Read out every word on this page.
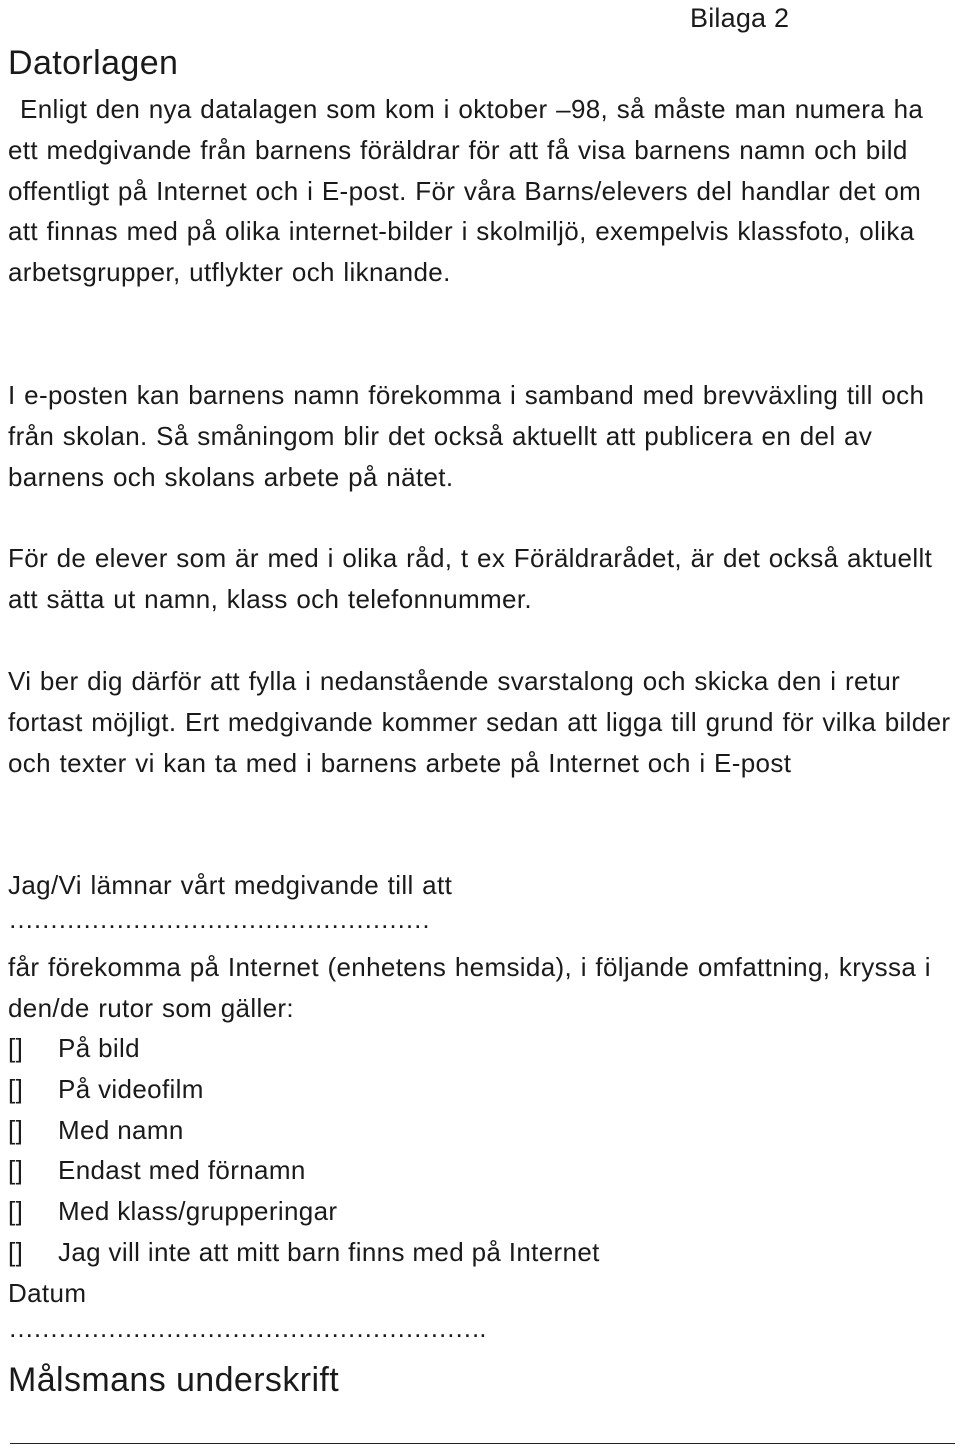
Bilaga 2
Datorlagen

Enligt den nya datalagen som kom i oktober –98, så måste man numera ha ett medgivande från barnens föräldrar för att få visa barnens namn och bild offentligt på Internet och i E-post. För våra Barns/elevers del handlar det om att finnas med på olika internet-bilder i skolmiljö, exempelvis klassfoto, olika arbetsgrupper, utflykter och liknande.

I e-posten kan barnens namn förekomma i samband med brevväxling till och från skolan. Så småningom blir det också aktuellt att publicera en del av barnens och skolans arbete på nätet.

För de elever som är med i olika råd, t ex Föräldrarådet, är det också aktuellt att sätta ut namn, klass och telefonnummer.

Vi ber dig därför att fylla i nedanstående svarstalong och skicka den i retur fortast möjligt. Ert medgivande kommer sedan att ligga till grund för vilka bilder och texter vi kan ta med i barnens arbete på Internet och i E-post

Jag/Vi lämnar vårt medgivande till att

……………………………………………

får förekomma på Internet (enhetens hemsida), i följande omfattning, kryssa i den/de rutor som gäller:

[]	På bild
[]	På videofilm
[]	Med namn
[]	Endast med förnamn
[]	Med klass/grupperingar
[]	Jag vill inte att mitt barn finns med på Internet

Datum

………………………………………………….
Målsmans underskrift
